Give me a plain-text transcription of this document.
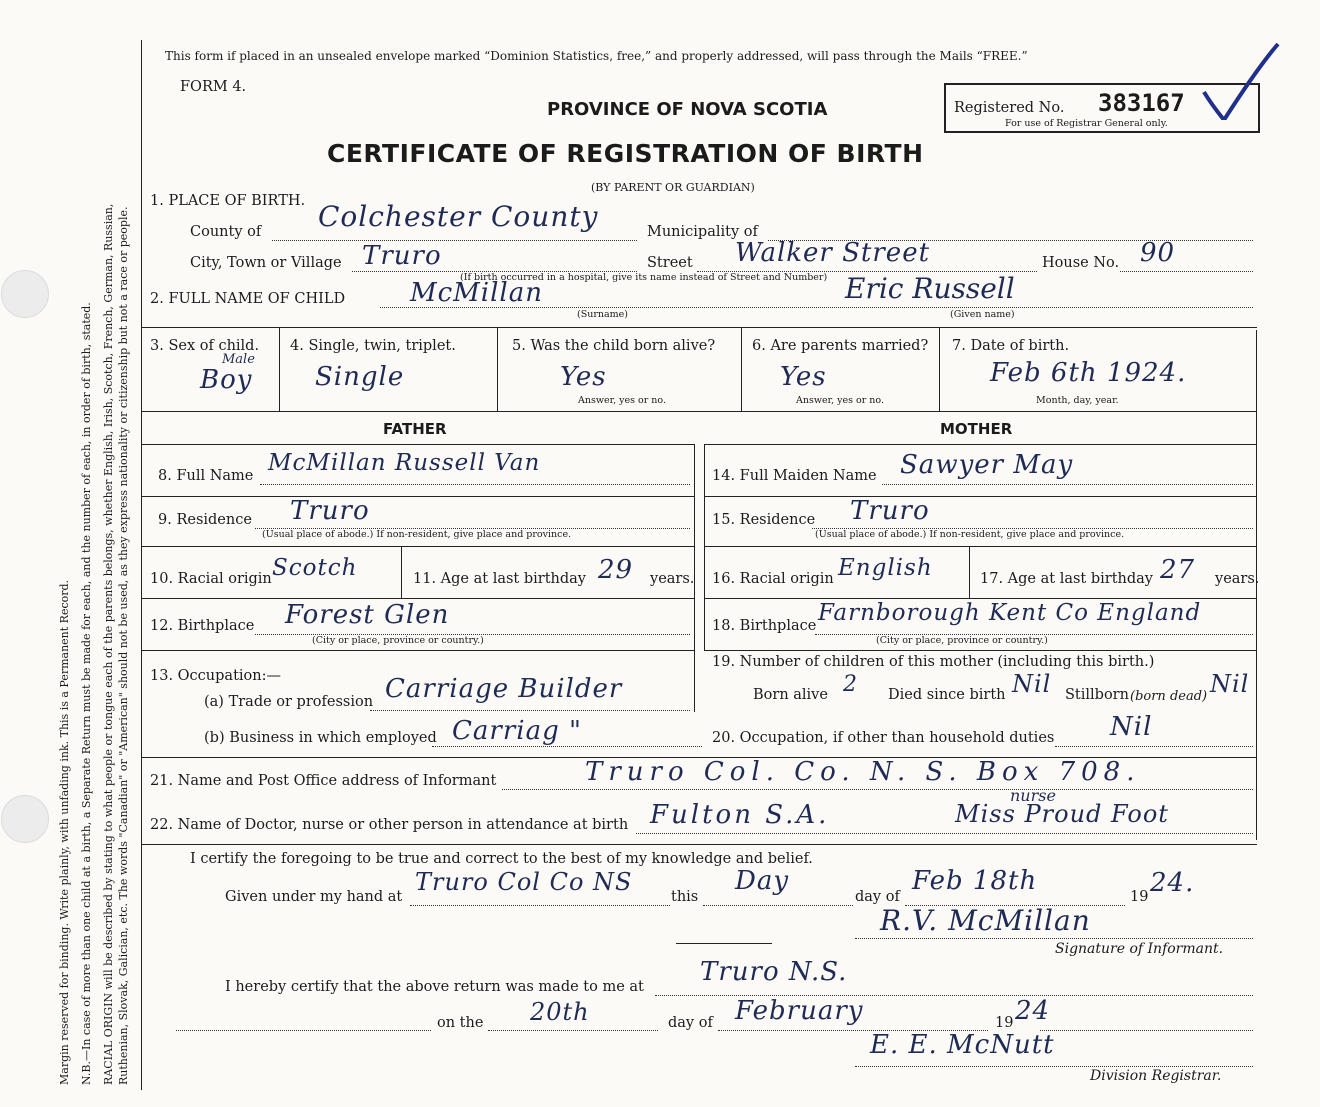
Margin reserved for binding. Write plainly, with unfading ink. This is a Permanent Record. N.B.—In case of more than one child at a birth, a Separate Return must be made for each, and the number of each, in order of birth, stated. RACIAL ORIGIN will be described by stating to what people or tongue each of the parents belongs, whether English, Irish, Scotch, French, German, Russian, Ruthenian, Slovak, Galician, etc. The words "Canadian" or "American" should not be used, as they express nationality or citizenship but not a race or people.
This form if placed in an unsealed envelope marked “Dominion Statistics, free,” and properly addressed, will pass through the Mails “FREE.”
FORM 4.
PROVINCE OF NOVA SCOTIA
CERTIFICATE OF REGISTRATION OF BIRTH
(BY PARENT OR GUARDIAN)
Registered No. 383167
For use of Registrar General only.
1. PLACE OF BIRTH.
County of Colchester County	Municipality of
City, Town or Village Truro	Street Walker Street	House No. 90
(If birth occurred in a hospital, give its name instead of Street and Number)
2. FULL NAME OF CHILD McMillan
(Surname)
Eric Russell
(Given name)
3. Sex of child.
Male
Boy
4. Single, twin, triplet.
Single
5. Was the child born alive?
Yes
Answer, yes or no.
6. Are parents married?
Yes
Answer, yes or no.
7. Date of birth.
Feb 6th 1924.
Month, day, year.
FATHER	MOTHER
8. Full Name McMillan Russell Van
9. Residence Truro
(Usual place of abode.) If non-resident, give place and province.
10. Racial origin Scotch	11. Age at last birthday 29 years.
12. Birthplace Forest Glen
(City or place, province or country.)
13. Occupation:—
(a) Trade or profession Carriage Builder
(b) Business in which employed Carriag "
14. Full Maiden Name Sawyer May
15. Residence Truro
(Usual place of abode.) If non-resident, give place and province.
16. Racial origin English	17. Age at last birthday 27 years.
18. Birthplace Farnborough Kent Co England
(City or place, province or country.)
19. Number of children of this mother (including this birth.)
Born alive 2 Died since birth Nil Stillborn (born dead) Nil
20. Occupation, if other than household duties Nil
21. Name and Post Office address of Informant	Truro Col. Co. N. S. Box 708.
22. Name of Doctor, nurse or other person in attendance at birth Fulton S.A.
nurse
Miss Proud Foot
I certify the foregoing to be true and correct to the best of my knowledge and belief.
Given under my hand at
Truro Col Co NS
this
Day
day of
Feb 18th
19 24.
R.V. McMillan
Signature of Informant.
I hereby certify that the above return was made to me at Truro N.S.
on the 20th	day of February	19 24
E. E. McNutt
Division Registrar.
